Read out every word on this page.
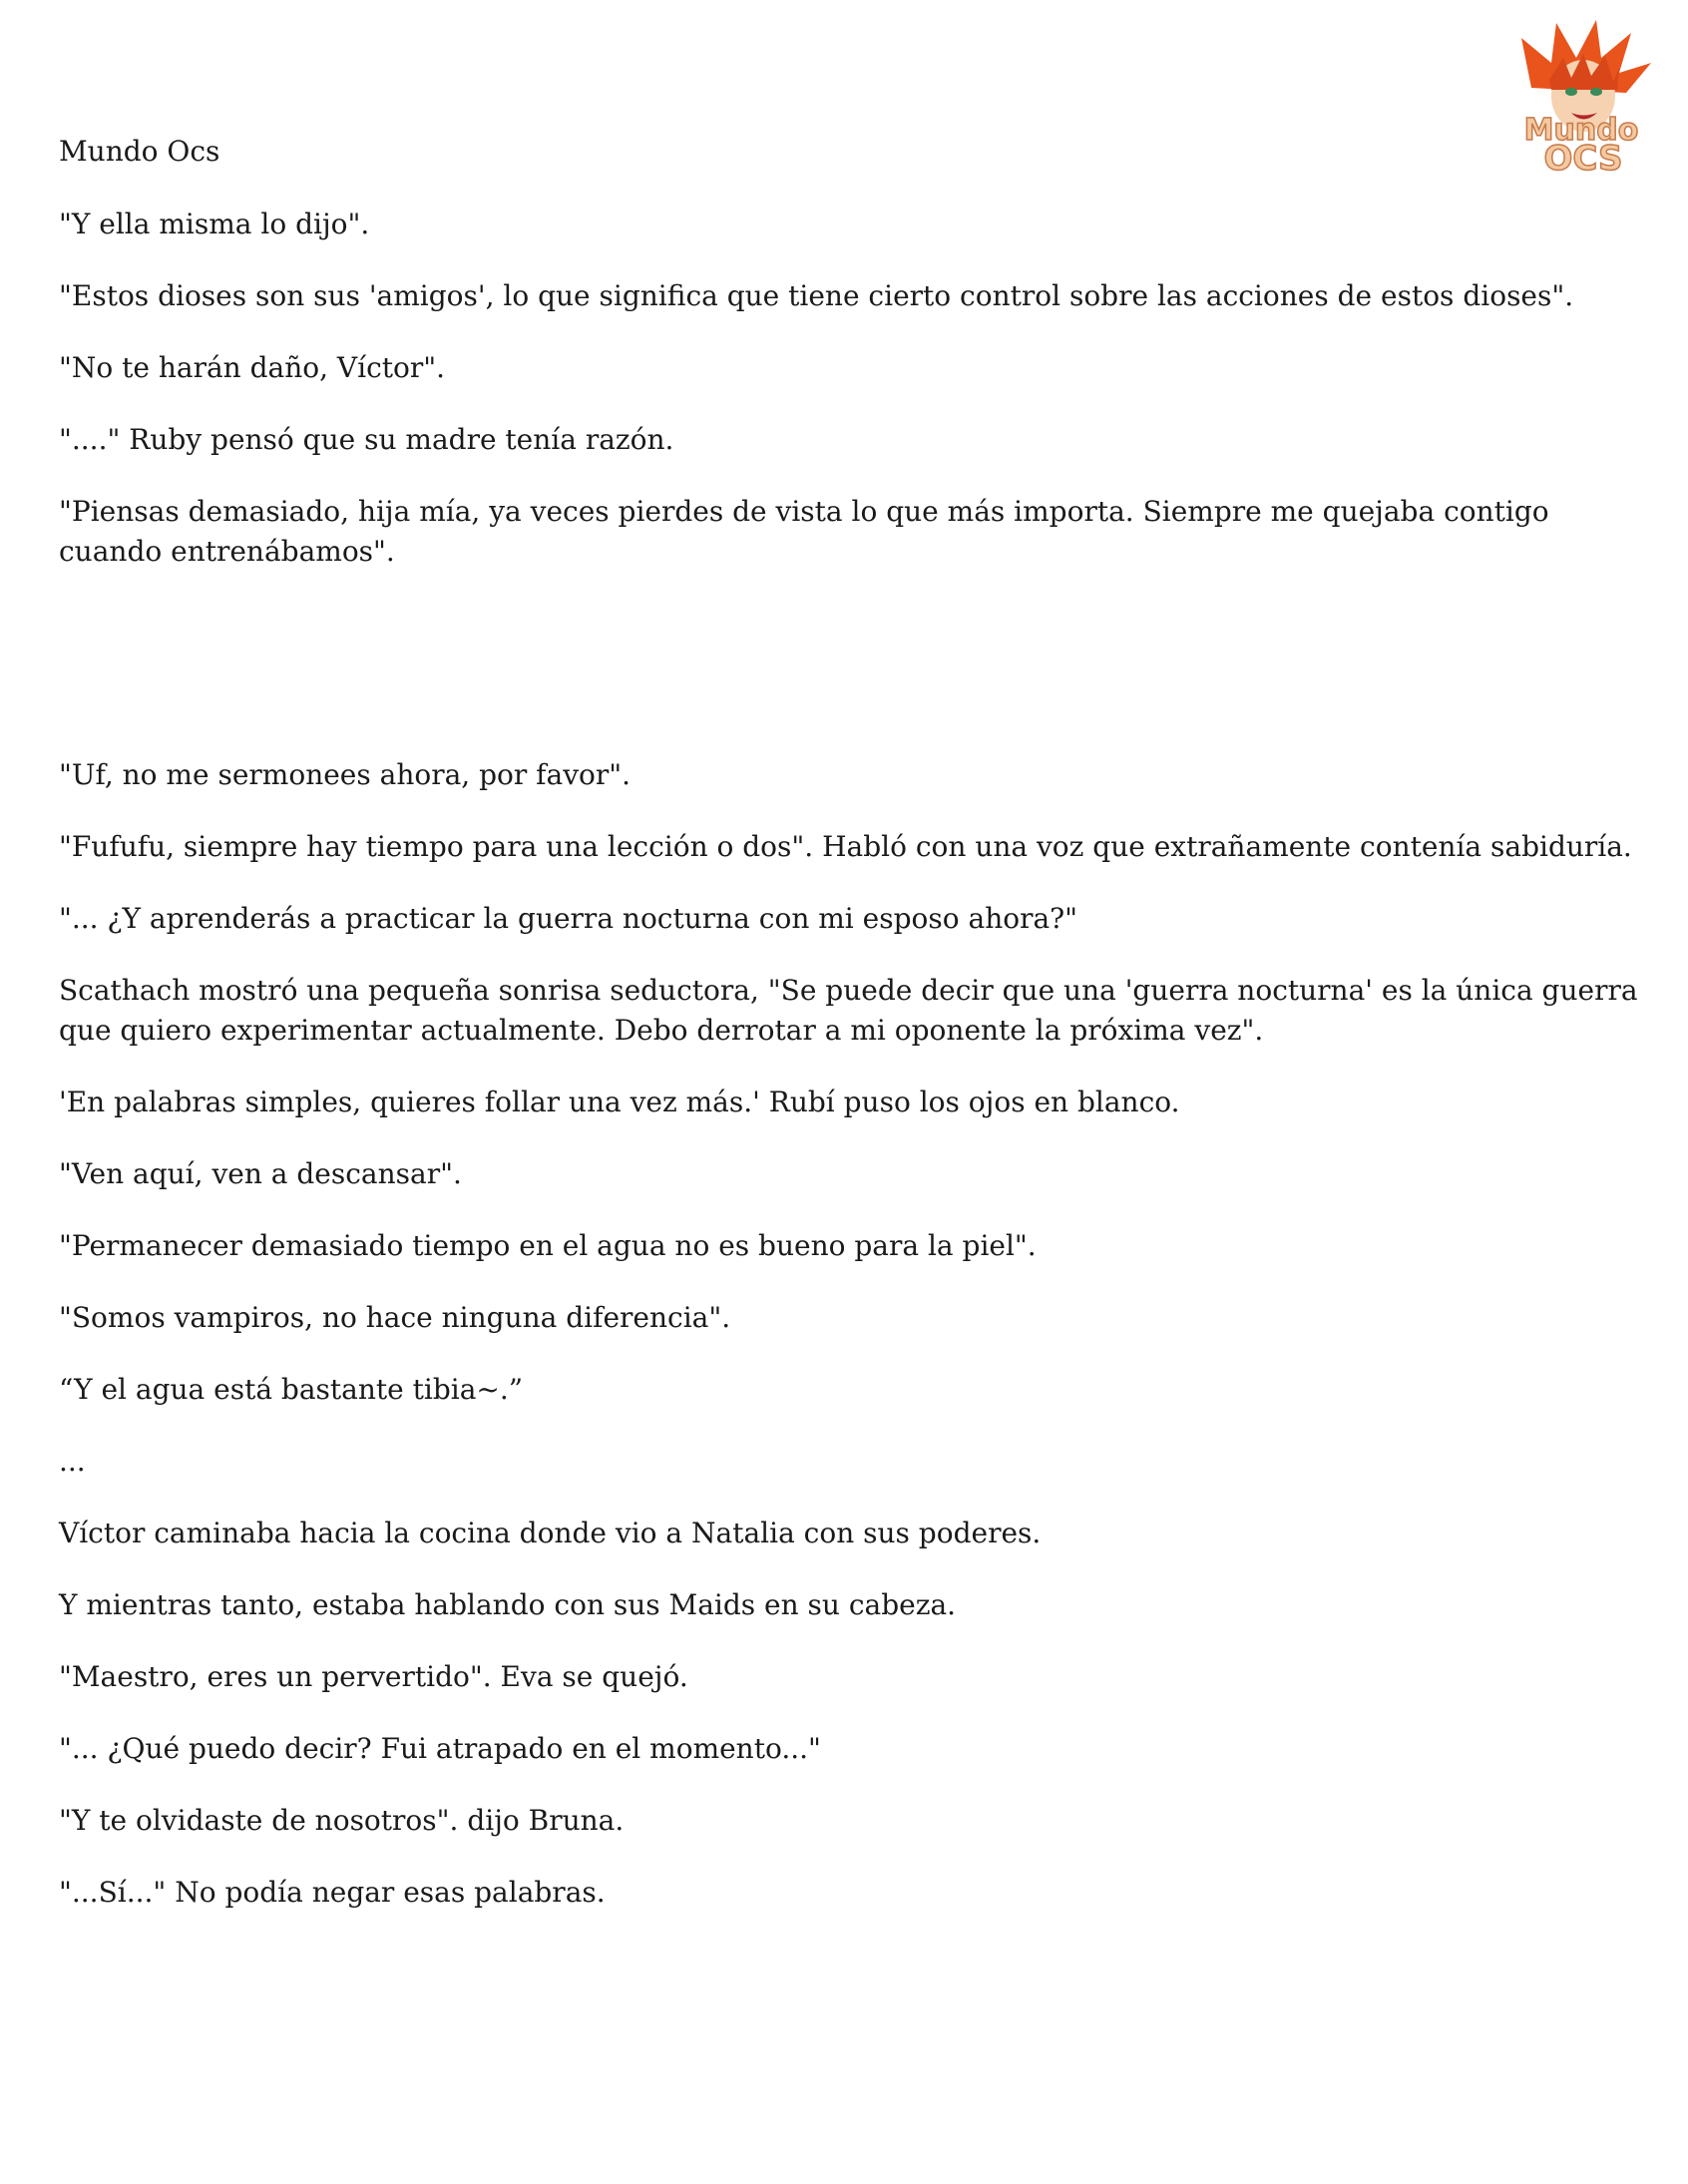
Mundo Ocs
Mundo
OCS

"Y ella misma lo dijo".

"Estos dioses son sus 'amigos', lo que significa que tiene cierto control sobre las acciones de estos dioses".

"No te harán daño, Víctor".

"...." Ruby pensó que su madre tenía razón.

"Piensas demasiado, hija mía, ya veces pierdes de vista lo que más importa. Siempre me quejaba contigo cuando entrenábamos".

"Uf, no me sermonees ahora, por favor".

"Fufufu, siempre hay tiempo para una lección o dos". Habló con una voz que extrañamente contenía sabiduría.

"... ¿Y aprenderás a practicar la guerra nocturna con mi esposo ahora?"

Scathach mostró una pequeña sonrisa seductora, "Se puede decir que una 'guerra nocturna' es la única guerra que quiero experimentar actualmente. Debo derrotar a mi oponente la próxima vez".

'En palabras simples, quieres follar una vez más.' Rubí puso los ojos en blanco.

"Ven aquí, ven a descansar".

"Permanecer demasiado tiempo en el agua no es bueno para la piel".

"Somos vampiros, no hace ninguna diferencia".

“Y el agua está bastante tibia~.”

...

Víctor caminaba hacia la cocina donde vio a Natalia con sus poderes.

Y mientras tanto, estaba hablando con sus Maids en su cabeza.

"Maestro, eres un pervertido". Eva se quejó.

"... ¿Qué puedo decir? Fui atrapado en el momento..."

"Y te olvidaste de nosotros". dijo Bruna.

"...Sí..." No podía negar esas palabras.
